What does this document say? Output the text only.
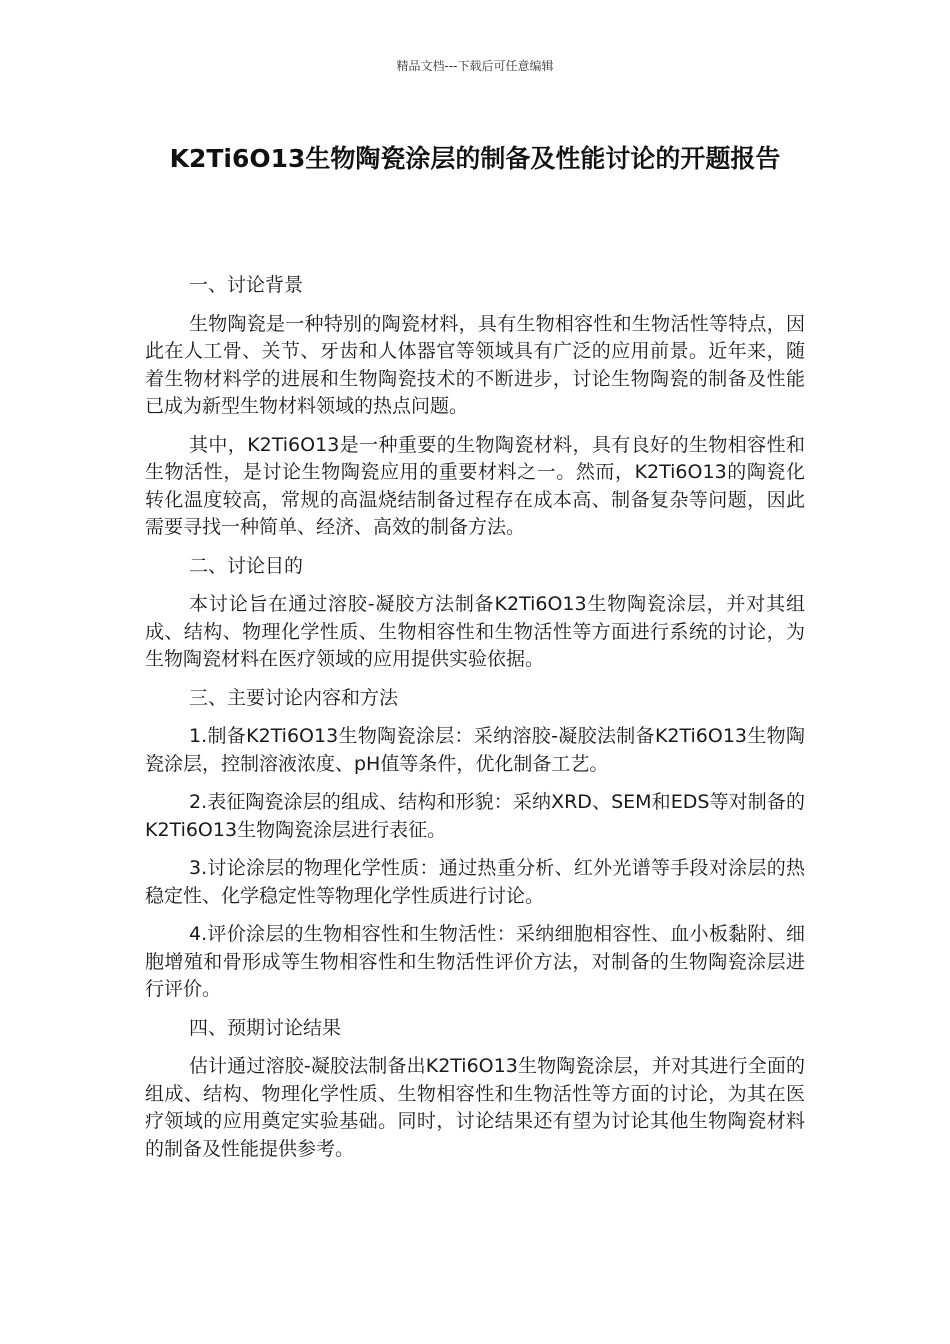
精品文档---下载后可任意编辑
K2Ti6O13生物陶瓷涂层的制备及性能讨论的开题报告

一、讨论背景

生物陶瓷是一种特别的陶瓷材料，具有生物相容性和生物活性等特点，因此在人工骨、关节、牙齿和人体器官等领域具有广泛的应用前景。近年来，随着生物材料学的进展和生物陶瓷技术的不断进步，讨论生物陶瓷的制备及性能已成为新型生物材料领域的热点问题。

其中，K2Ti6O13是一种重要的生物陶瓷材料，具有良好的生物相容性和生物活性，是讨论生物陶瓷应用的重要材料之一。然而，K2Ti6O13的陶瓷化转化温度较高，常规的高温烧结制备过程存在成本高、制备复杂等问题，因此需要寻找一种简单、经济、高效的制备方法。

二、讨论目的

本讨论旨在通过溶胶-凝胶方法制备K2Ti6O13生物陶瓷涂层，并对其组成、结构、物理化学性质、生物相容性和生物活性等方面进行系统的讨论，为生物陶瓷材料在医疗领域的应用提供实验依据。

三、主要讨论内容和方法

1.制备K2Ti6O13生物陶瓷涂层：采纳溶胶-凝胶法制备K2Ti6O13生物陶瓷涂层，控制溶液浓度、pH值等条件，优化制备工艺。

2.表征陶瓷涂层的组成、结构和形貌：采纳XRD、SEM和EDS等对制备的K2Ti6O13生物陶瓷涂层进行表征。

3.讨论涂层的物理化学性质：通过热重分析、红外光谱等手段对涂层的热稳定性、化学稳定性等物理化学性质进行讨论。

4.评价涂层的生物相容性和生物活性：采纳细胞相容性、血小板黏附、细胞增殖和骨形成等生物相容性和生物活性评价方法，对制备的生物陶瓷涂层进行评价。

四、预期讨论结果

估计通过溶胶-凝胶法制备出K2Ti6O13生物陶瓷涂层，并对其进行全面的组成、结构、物理化学性质、生物相容性和生物活性等方面的讨论，为其在医疗领域的应用奠定实验基础。同时，讨论结果还有望为讨论其他生物陶瓷材料的制备及性能提供参考。
